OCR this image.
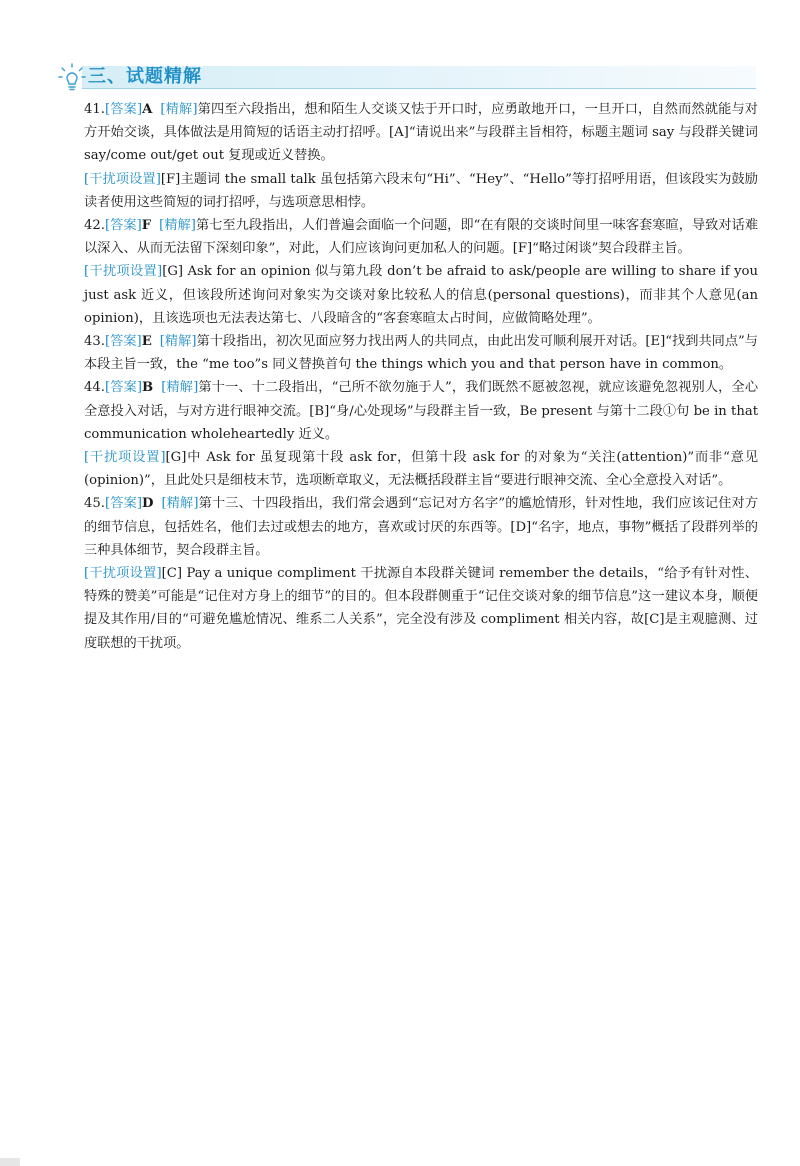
三、试题精解

41.[答案]A [精解]第四至六段指出，想和陌生人交谈又怯于开口时，应勇敢地开口，一旦开口，自然而然就能与对方开始交谈，具体做法是用简短的话语主动打招呼。[A]“请说出来”与段群主旨相符，标题主题词 say 与段群关键词 say/come out/get out 复现或近义替换。

[干扰项设置][F]主题词 the small talk 虽包括第六段末句“Hi”、“Hey”、“Hello”等打招呼用语，但该段实为鼓励读者使用这些简短的词打招呼，与选项意思相悖。

42.[答案]F [精解]第七至九段指出，人们普遍会面临一个问题，即“在有限的交谈时间里一味客套寒暄，导致对话难以深入、从而无法留下深刻印象”，对此，人们应该询问更加私人的问题。[F]“略过闲谈”契合段群主旨。

[干扰项设置][G] Ask for an opinion 似与第九段 don’t be afraid to ask/people are willing to share if you just ask 近义，但该段所述询问对象实为交谈对象比较私人的信息(personal questions)，而非其个人意见(an opinion)，且该选项也无法表达第七、八段暗含的“客套寒暄太占时间，应做简略处理”。

43.[答案]E [精解]第十段指出，初次见面应努力找出两人的共同点，由此出发可顺利展开对话。[E]“找到共同点”与本段主旨一致，the “me too”s 同义替换首句 the things which you and that person have in common。

44.[答案]B [精解]第十一、十二段指出，“己所不欲勿施于人”，我们既然不愿被忽视，就应该避免忽视别人，全心全意投入对话，与对方进行眼神交流。[B]“身/心处现场”与段群主旨一致，Be present 与第十二段①句 be in that communication wholeheartedly 近义。

[干扰项设置][G]中 Ask for 虽复现第十段 ask for，但第十段 ask for 的对象为“关注(attention)”而非“意见(opinion)”，且此处只是细枝末节，选项断章取义，无法概括段群主旨“要进行眼神交流、全心全意投入对话”。

45.[答案]D [精解]第十三、十四段指出，我们常会遇到“忘记对方名字”的尴尬情形，针对性地，我们应该记住对方的细节信息，包括姓名，他们去过或想去的地方，喜欢或讨厌的东西等。[D]“名字，地点，事物”概括了段群列举的三种具体细节，契合段群主旨。

[干扰项设置][C] Pay a unique compliment 干扰源自本段群关键词 remember the details，“给予有针对性、特殊的赞美”可能是“记住对方身上的细节”的目的。但本段群侧重于“记住交谈对象的细节信息”这一建议本身，顺便提及其作用/目的“可避免尴尬情况、维系二人关系”，完全没有涉及 compliment 相关内容，故[C]是主观臆测、过度联想的干扰项。
